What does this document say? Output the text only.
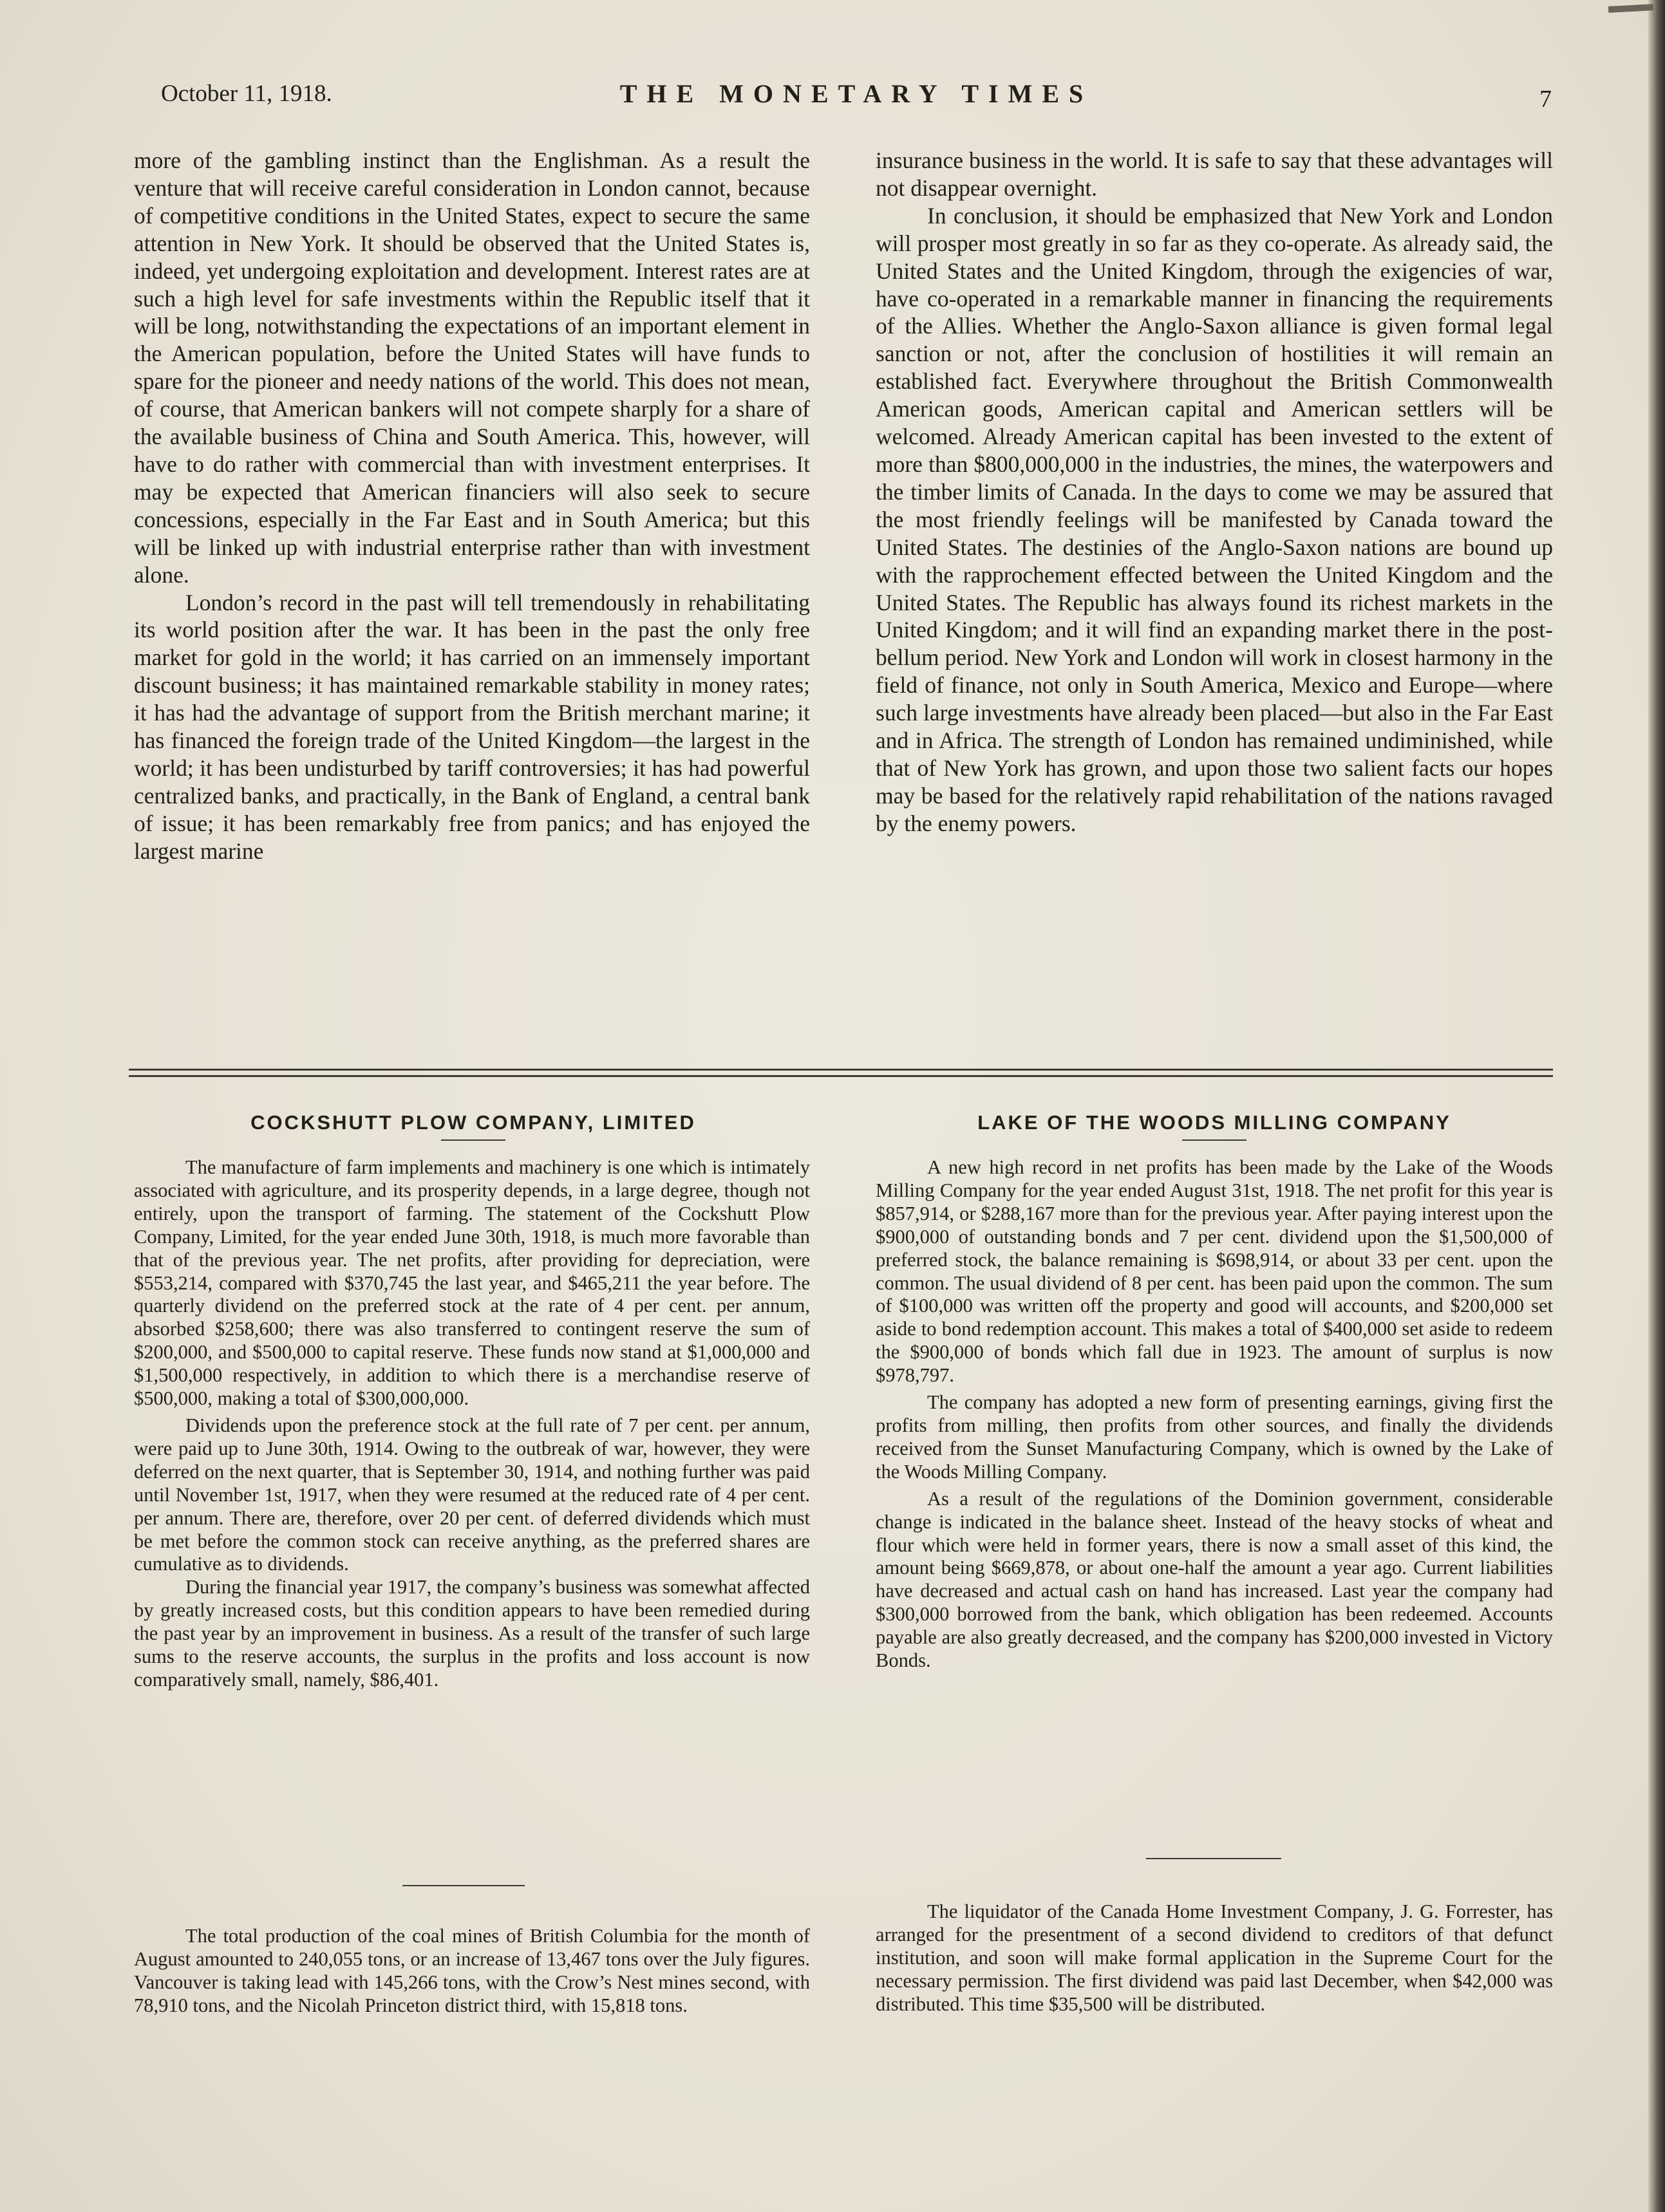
October 11, 1918.	THE MONETARY TIMES	7

more of the gambling instinct than the Englishman. As a result the venture that will receive careful consideration in London cannot, because of competitive conditions in the United States, expect to secure the same attention in New York. It should be observed that the United States is, indeed, yet undergoing exploitation and development. Interest rates are at such a high level for safe investments within the Republic itself that it will be long, notwithstanding the expectations of an important element in the American population, before the United States will have funds to spare for the pioneer and needy nations of the world. This does not mean, of course, that American bankers will not compete sharply for a share of the available business of China and South America. This, however, will have to do rather with commercial than with investment enterprises. It may be expected that American financiers will also seek to secure concessions, especially in the Far East and in South America; but this will be linked up with industrial enterprise rather than with investment alone.

London’s record in the past will tell tremendously in rehabilitating its world position after the war. It has been in the past the only free market for gold in the world; it has carried on an immensely important discount business; it has maintained remarkable stability in money rates; it has had the advantage of support from the British merchant marine; it has financed the foreign trade of the United Kingdom—the largest in the world; it has been undisturbed by tariff controversies; it has had powerful centralized banks, and practically, in the Bank of England, a central bank of issue; it has been remarkably free from panics; and has enjoyed the largest marine

insurance business in the world. It is safe to say that these advantages will not disappear overnight.

In conclusion, it should be emphasized that New York and London will prosper most greatly in so far as they co-operate. As already said, the United States and the United Kingdom, through the exigencies of war, have co-operated in a remarkable manner in financing the requirements of the Allies. Whether the Anglo-Saxon alliance is given formal legal sanction or not, after the conclusion of hostilities it will remain an established fact. Everywhere throughout the British Commonwealth American goods, American capital and American settlers will be welcomed. Already American capital has been invested to the extent of more than $800,000,000 in the industries, the mines, the waterpowers and the timber limits of Canada. In the days to come we may be assured that the most friendly feelings will be manifested by Canada toward the United States. The destinies of the Anglo-Saxon nations are bound up with the rapprochement effected between the United Kingdom and the United States. The Republic has always found its richest markets in the United Kingdom; and it will find an expanding market there in the post-bellum period. New York and London will work in closest harmony in the field of finance, not only in South America, Mexico and Europe—where such large investments have already been placed—but also in the Far East and in Africa. The strength of London has remained undiminished, while that of New York has grown, and upon those two salient facts our hopes may be based for the relatively rapid rehabilitation of the nations ravaged by the enemy powers.

COCKSHUTT PLOW COMPANY, LIMITED	LAKE OF THE WOODS MILLING COMPANY

The manufacture of farm implements and machinery is one which is intimately associated with agriculture, and its prosperity depends, in a large degree, though not entirely, upon the transport of farming. The statement of the Cockshutt Plow Company, Limited, for the year ended June 30th, 1918, is much more favorable than that of the previous year. The net profits, after providing for depreciation, were $553,214, compared with $370,745 the last year, and $465,211 the year before. The quarterly dividend on the preferred stock at the rate of 4 per cent. per annum, absorbed $258,600; there was also transferred to contingent reserve the sum of $200,000, and $500,000 to capital reserve. These funds now stand at $1,000,000 and $1,500,000 respectively, in addition to which there is a merchandise reserve of $500,000, making a total of $300,000,000.

Dividends upon the preference stock at the full rate of 7 per cent. per annum, were paid up to June 30th, 1914. Owing to the outbreak of war, however, they were deferred on the next quarter, that is September 30, 1914, and nothing further was paid until November 1st, 1917, when they were resumed at the reduced rate of 4 per cent. per annum. There are, therefore, over 20 per cent. of deferred dividends which must be met before the common stock can receive anything, as the preferred shares are cumulative as to dividends.

During the financial year 1917, the company’s business was somewhat affected by greatly increased costs, but this condition appears to have been remedied during the past year by an improvement in business. As a result of the transfer of such large sums to the reserve accounts, the surplus in the profits and loss account is now comparatively small, namely, $86,401.

A new high record in net profits has been made by the Lake of the Woods Milling Company for the year ended August 31st, 1918. The net profit for this year is $857,914, or $288,167 more than for the previous year. After paying interest upon the $900,000 of outstanding bonds and 7 per cent. dividend upon the $1,500,000 of preferred stock, the balance remaining is $698,914, or about 33 per cent. upon the common. The usual dividend of 8 per cent. has been paid upon the common. The sum of $100,000 was written off the property and good will accounts, and $200,000 set aside to bond redemption account. This makes a total of $400,000 set aside to redeem the $900,000 of bonds which fall due in 1923. The amount of surplus is now $978,797.

The company has adopted a new form of presenting earnings, giving first the profits from milling, then profits from other sources, and finally the dividends received from the Sunset Manufacturing Company, which is owned by the Lake of the Woods Milling Company.

As a result of the regulations of the Dominion government, considerable change is indicated in the balance sheet. Instead of the heavy stocks of wheat and flour which were held in former years, there is now a small asset of this kind, the amount being $669,878, or about one-half the amount a year ago. Current liabilities have decreased and actual cash on hand has increased. Last year the company had $300,000 borrowed from the bank, which obligation has been redeemed. Accounts payable are also greatly decreased, and the company has $200,000 invested in Victory Bonds.

The total production of the coal mines of British Columbia for the month of August amounted to 240,055 tons, or an increase of 13,467 tons over the July figures. Vancouver is taking lead with 145,266 tons, with the Crow’s Nest mines second, with 78,910 tons, and the Nicolah Princeton district third, with 15,818 tons.

The liquidator of the Canada Home Investment Company, J. G. Forrester, has arranged for the presentment of a second dividend to creditors of that defunct institution, and soon will make formal application in the Supreme Court for the necessary permission. The first dividend was paid last December, when $42,000 was distributed. This time $35,500 will be distributed.
